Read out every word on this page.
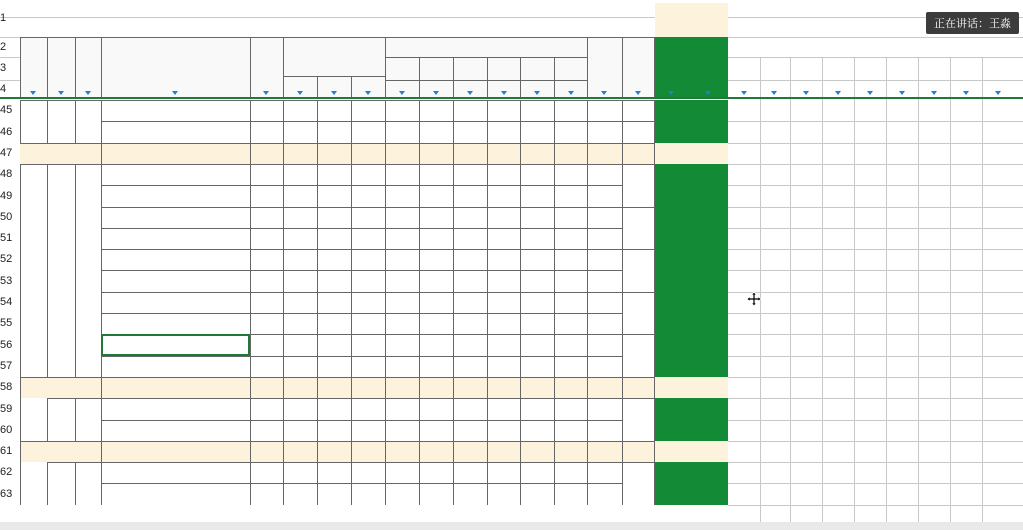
1
2
3
4
45
46
47
48
49
50
51
52
53
54
55
56
57
58
59
60
61
62
63
正在讲话：王淼
